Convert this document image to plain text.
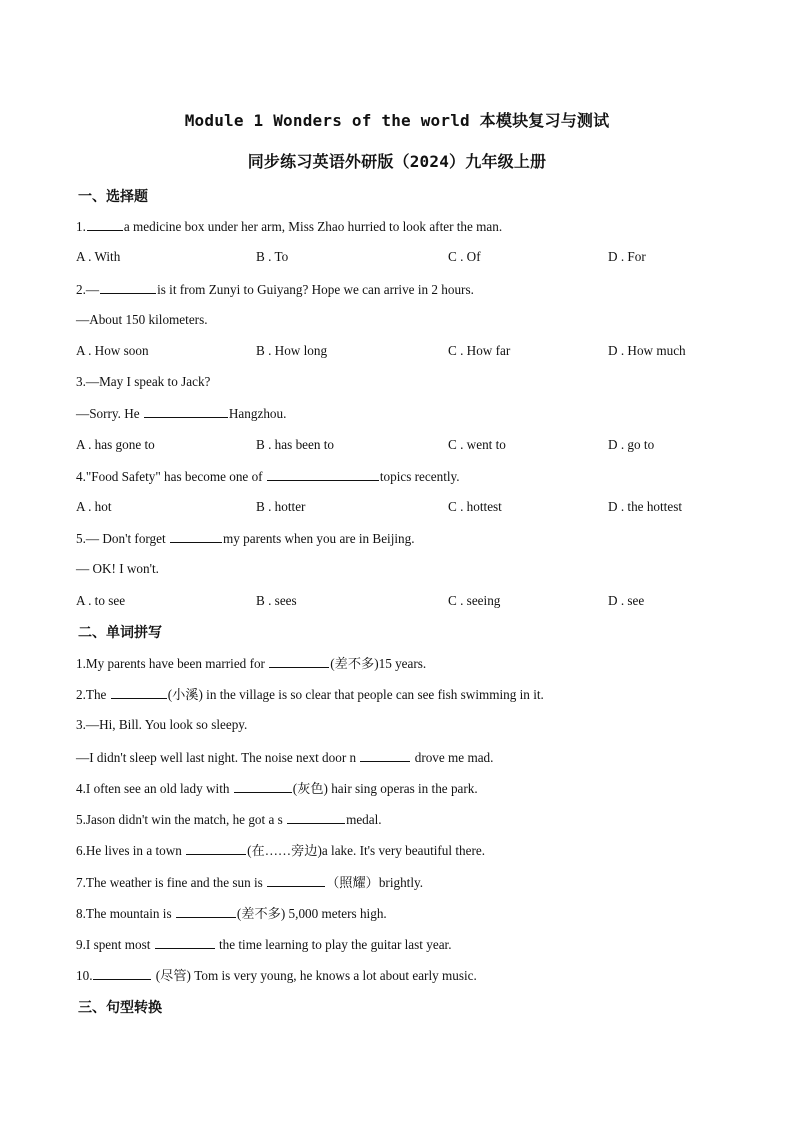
Module 1 Wonders of the world 本模块复习与测试
同步练习英语外研版（2024）九年级上册
一、选择题
1.	a medicine box under her arm, Miss Zhao hurried to look after the man.
A . With	B . To	C . Of	D . For
2.—	is it from Zunyi to Guiyang? Hope we can arrive in 2 hours.
—About 150 kilometers.
A . How soon	B . How long	C . How far	D . How much
3.—May I speak to Jack?
—Sorry. He	Hangzhou.
A . has gone to	B . has been to	C . went to	D . go to
4."Food Safety" has become one of	topics recently.
A . hot	B . hotter	C . hottest	D . the hottest
5.— Don't forget	my parents when you are in Beijing.
— OK! I won't.
A . to see	B . sees	C . seeing	D . see
二、单词拼写
1.My parents have been married for	(差不多)15 years.
2.The	(小溪) in the village is so clear that people can see fish swimming in it.
3.—Hi, Bill. You look so sleepy.
—I didn't sleep well last night. The noise next door n	drove me mad.
4.I often see an old lady with	(灰色) hair sing operas in the park.
5.Jason didn't win the match, he got a s	medal.
6.He lives in a town	(在……旁边)a lake. It's very beautiful there.
7.The weather is fine and the sun is	（照耀）brightly.
8.The mountain is	(差不多) 5,000 meters high.
9.I spent most	the time learning to play the guitar last year.
10.	(尽管) Tom is very young, he knows a lot about early music.
三、句型转换
